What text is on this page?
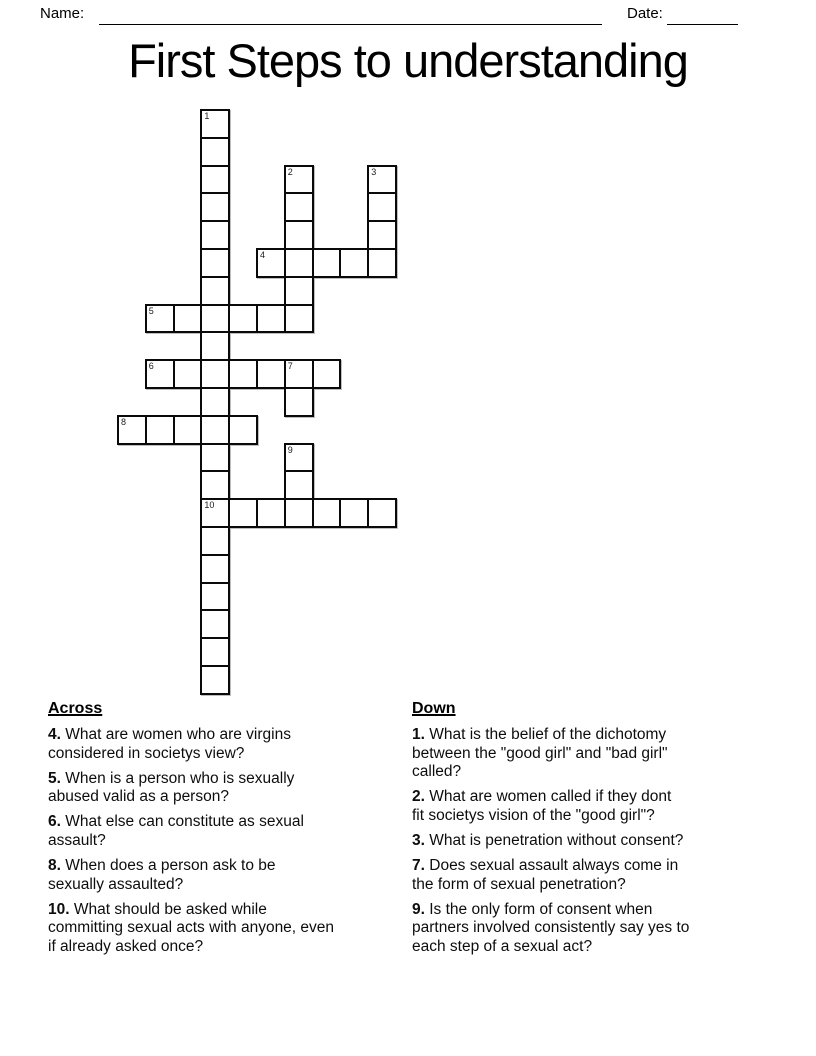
Name:	Date:
First Steps to understanding
1
10
2	3
4
5
6	7
8
9
Across

4. What are women who are virgins
considered in societys view?

5. When is a person who is sexually
abused valid as a person?

6. What else can constitute as sexual
assault?

8. When does a person ask to be
sexually assaulted?

10. What should be asked while
committing sexual acts with anyone, even
if already asked once?

Down

1. What is the belief of the dichotomy
between the "good girl" and "bad girl"
called?

2. What are women called if they dont
fit societys vision of the "good girl"?

3. What is penetration without consent?

7. Does sexual assault always come in
the form of sexual penetration?

9. Is the only form of consent when
partners involved consistently say yes to
each step of a sexual act?
